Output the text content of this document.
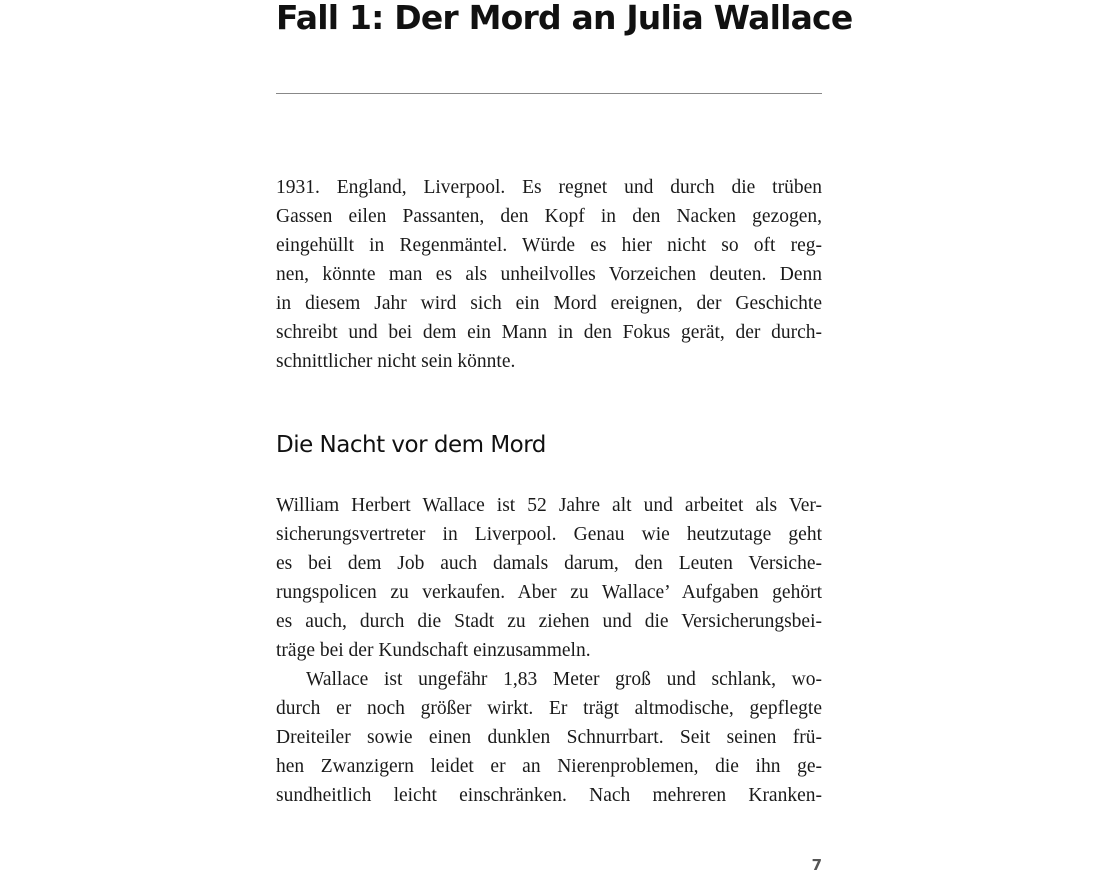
Fall 1: Der Mord an Julia Wallace
1931. England, Liverpool. Es regnet und durch die trüben
Gassen eilen Passanten, den Kopf in den Nacken gezogen,
eingehüllt in Regenmäntel. Würde es hier nicht so oft reg-
nen, könnte man es als unheilvolles Vorzeichen deuten. Denn
in diesem Jahr wird sich ein Mord ereignen, der Geschichte
schreibt und bei dem ein Mann in den Fokus gerät, der durch-
schnittlicher nicht sein könnte.
Die Nacht vor dem Mord
William Herbert Wallace ist 52 Jahre alt und arbeitet als Ver-
sicherungsvertreter in Liverpool. Genau wie heutzutage geht
es bei dem Job auch damals darum, den Leuten Versiche-
rungspolicen zu verkaufen. Aber zu Wallace’ Aufgaben gehört
es auch, durch die Stadt zu ziehen und die Versicherungsbei-
träge bei der Kundschaft einzusammeln.
Wallace ist ungefähr 1,83 Meter groß und schlank, wo-
durch er noch größer wirkt. Er trägt altmodische, gepflegte
Dreiteiler sowie einen dunklen Schnurrbart. Seit seinen frü-
hen Zwanzigern leidet er an Nierenproblemen, die ihn ge-
sundheitlich leicht einschränken. Nach mehreren Kranken-
7
